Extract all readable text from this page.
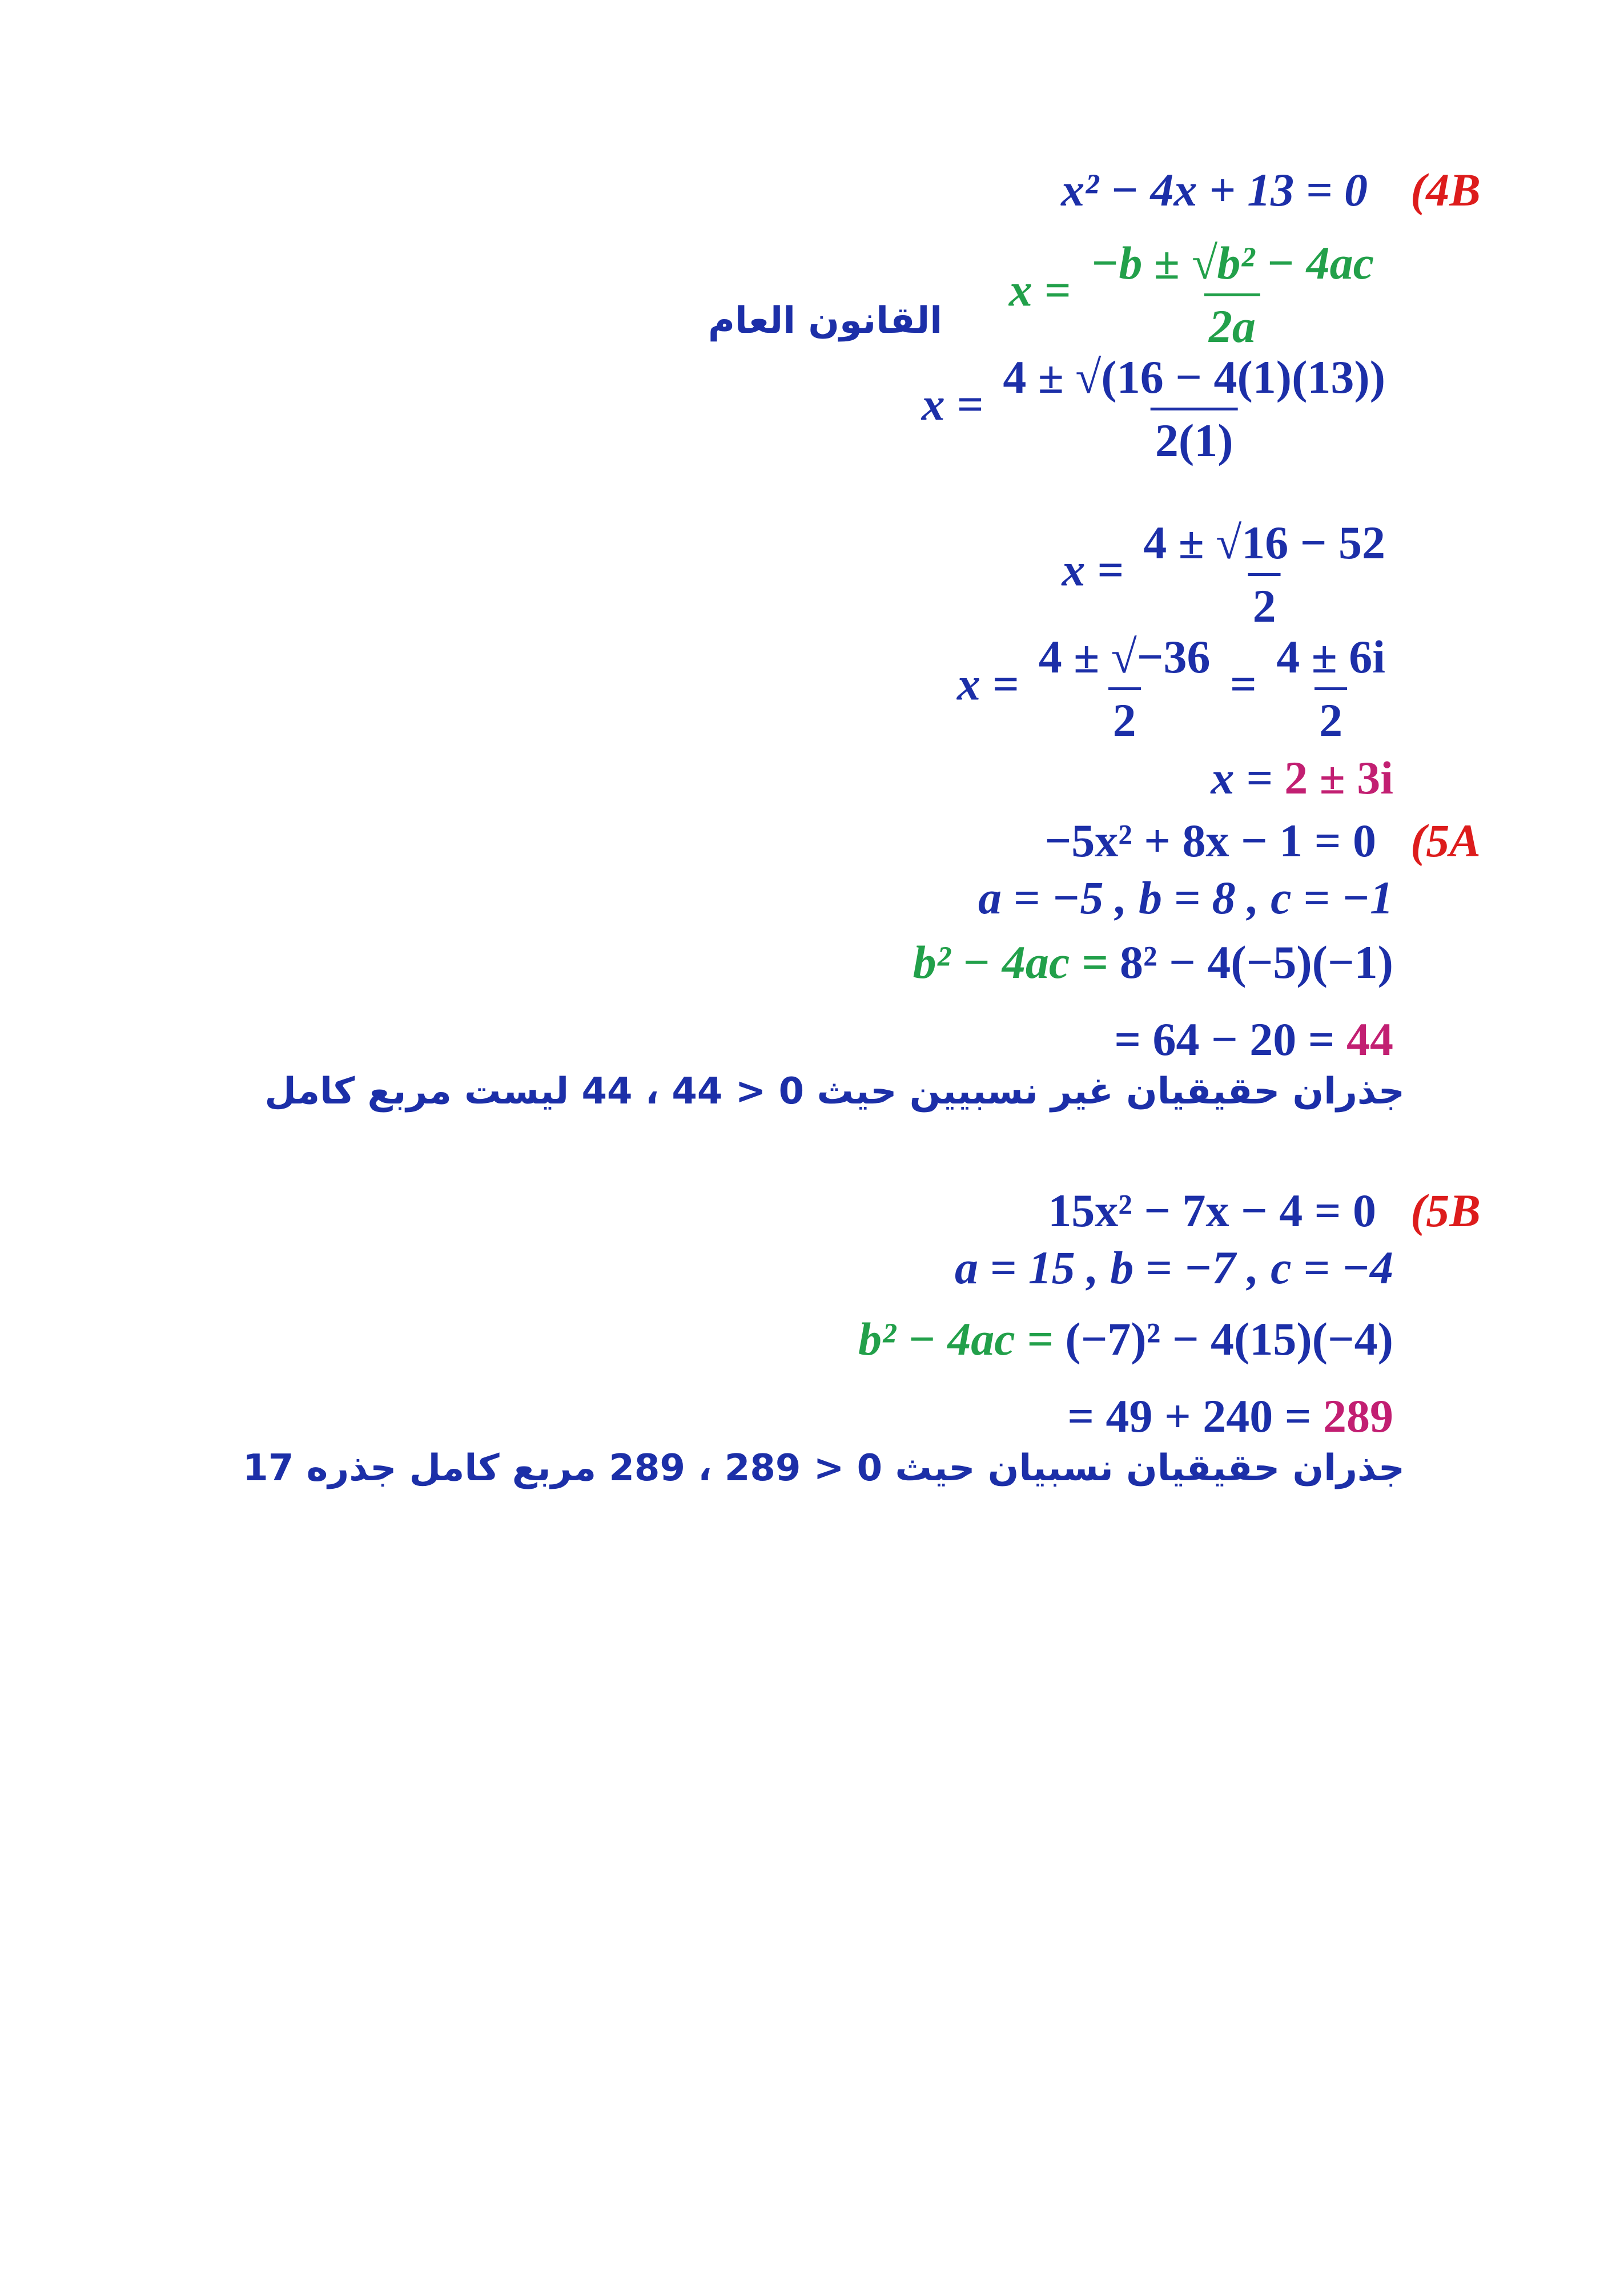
(4B
x² − 4x + 13 = 0
$x = \frac{\text{−b ± √b² − 4ac}}{2a}$
القانون العام
$x = \frac{4 \pm √(16 - 4(1)(13))}{2(1)}$
$x = \frac{4 \pm √16 - 52}{2}$
$x = \frac{4 \pm √-36}{2} = \frac{4 \pm 6i}{2}$
x = 2 ± 3i
(5A
−5x² + 8x − 1 = 0
a = −5 , b = 8 , c = −1
b² − 4ac = 8² − 4(−5)(−1)
= 64 − 20 = 44
جذران حقيقيان غير نسبيين حيث 0 < 44 ، 44 ليست مربع كامل
(5B
15x² − 7x − 4 = 0
a = 15 , b = −7 , c = −4
b² − 4ac = (−7)² − 4(15)(−4)
= 49 + 240 = 289
جذران حقيقيان نسبيان حيث 0 < 289 ، 289 مربع كامل جذره 17
